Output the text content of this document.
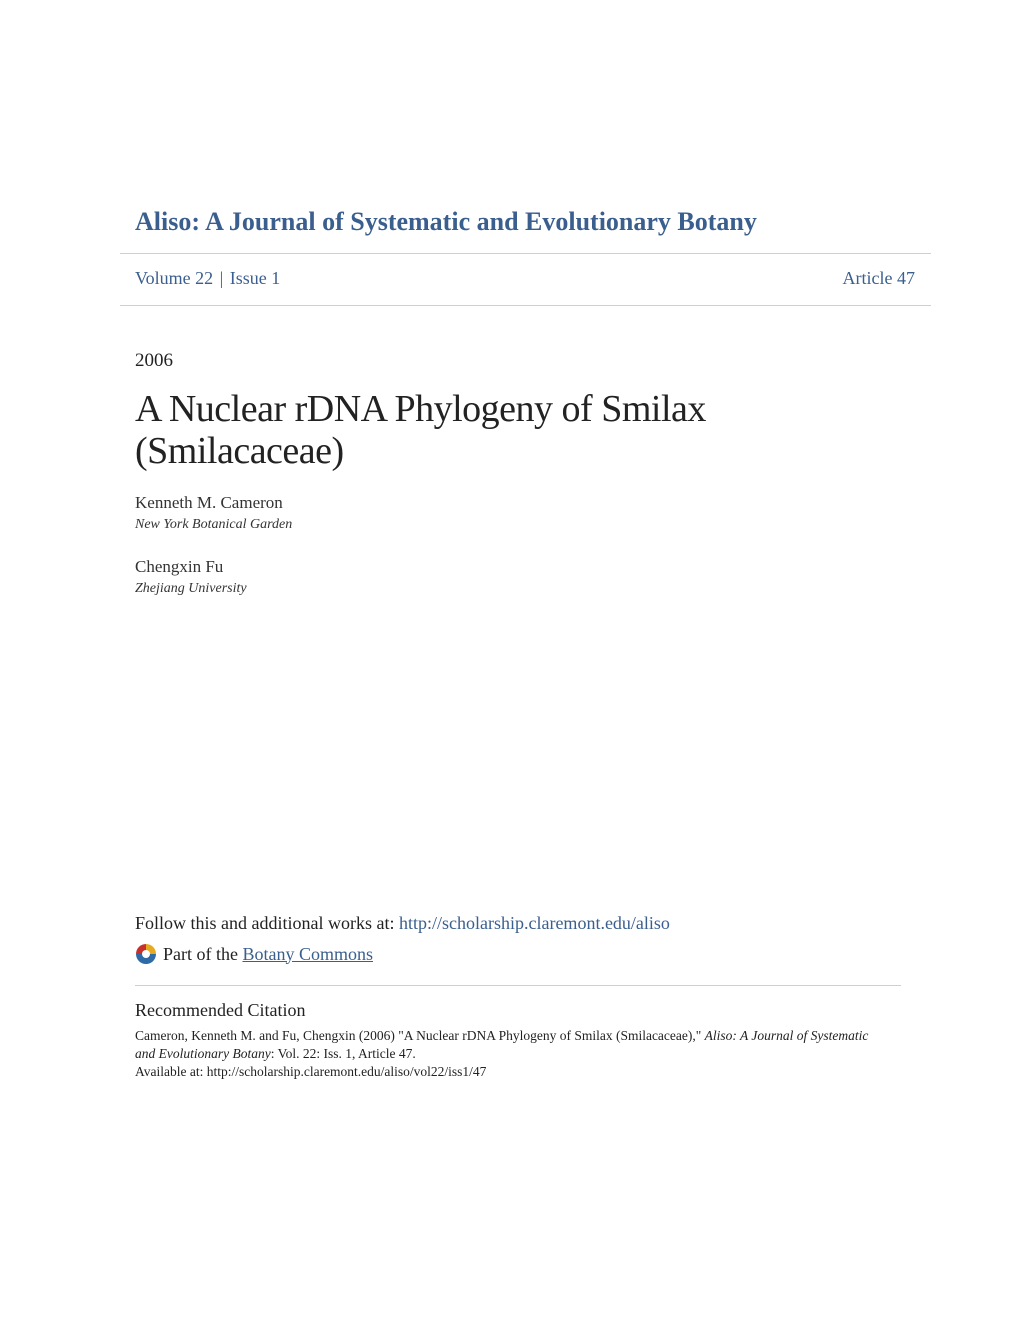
Aliso: A Journal of Systematic and Evolutionary Botany
Volume 22 | Issue 1	Article 47
2006
A Nuclear rDNA Phylogeny of Smilax (Smilacaceae)
Kenneth M. Cameron
New York Botanical Garden
Chengxin Fu
Zhejiang University
Follow this and additional works at: http://scholarship.claremont.edu/aliso
Part of the
Botany Commons
Recommended Citation
Cameron, Kenneth M. and Fu, Chengxin (2006) "A Nuclear rDNA Phylogeny of Smilax (Smilacaceae)," Aliso: A Journal of Systematic and Evolutionary Botany: Vol. 22: Iss. 1, Article 47.
Available at: http://scholarship.claremont.edu/aliso/vol22/iss1/47
